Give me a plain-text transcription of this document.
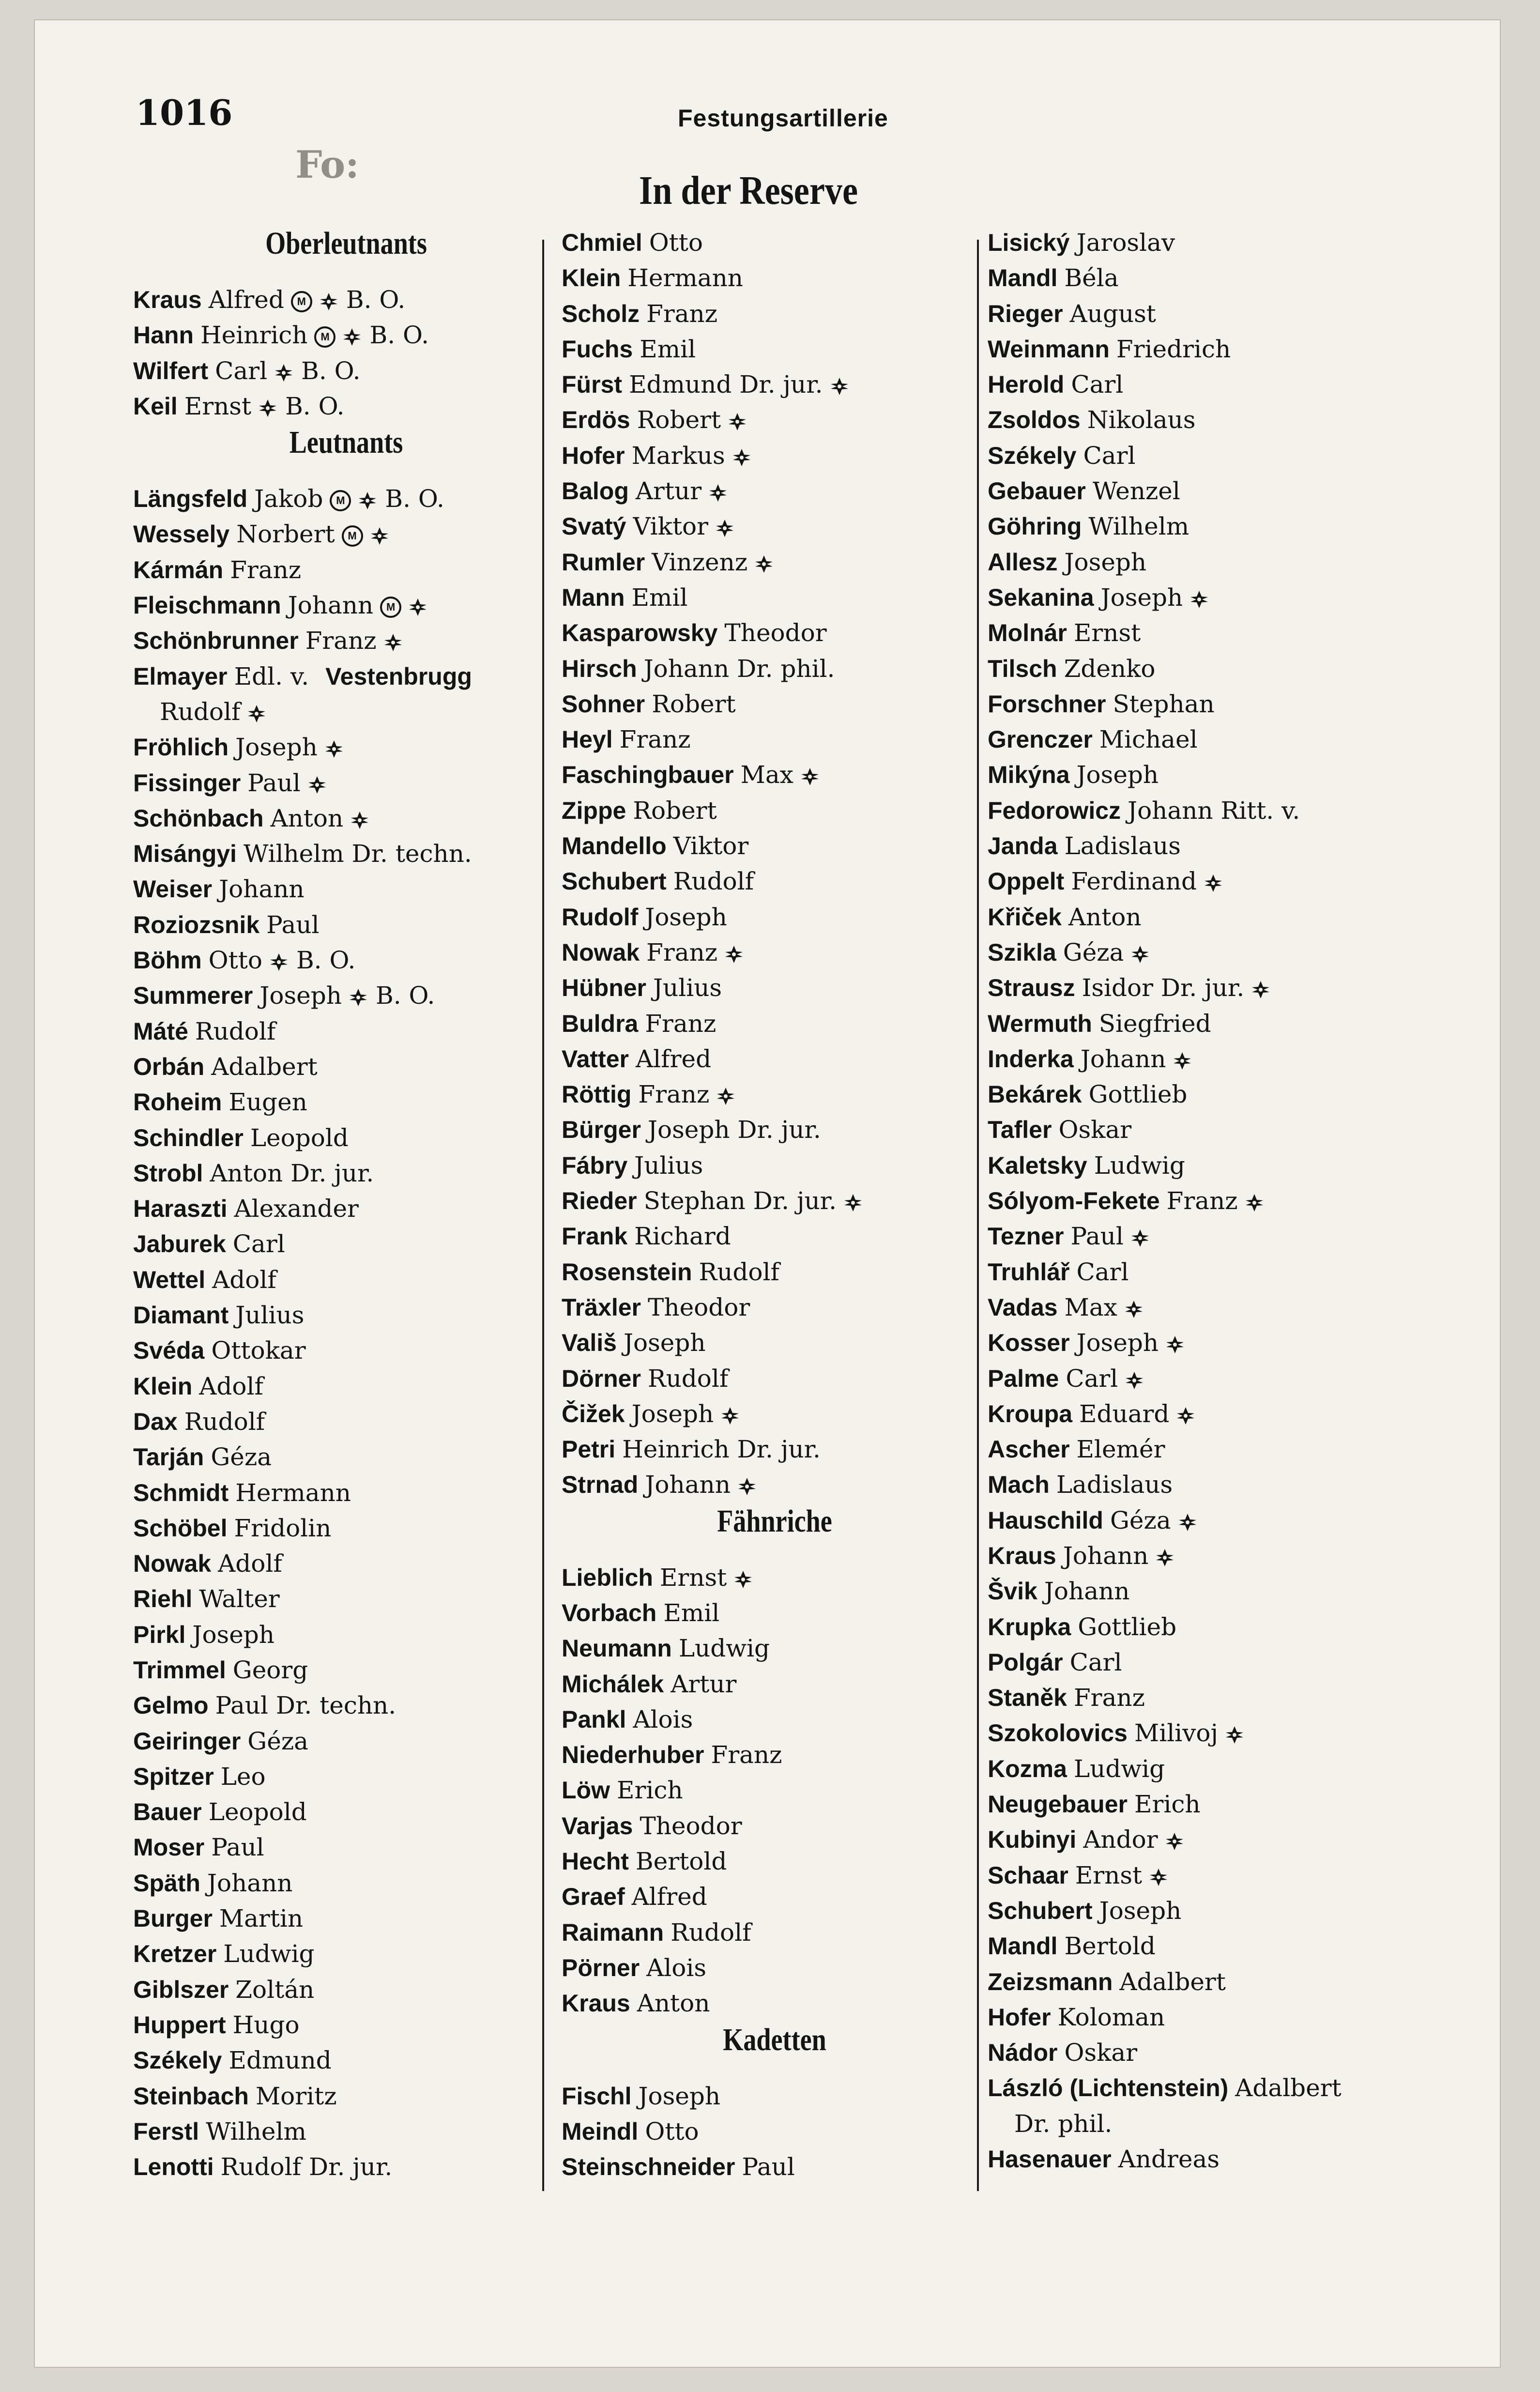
1016	Festungsartillerie
Fo:
In der Reserve
Oberleutnants
Kraus Alfred M B. O.
Hann Heinrich M B. O.
Wilfert Carl B. O.
Keil Ernst B. O.
Leutnants
Längsfeld Jakob M B. O.
Wessely Norbert M
Kármán Franz
Fleischmann Johann M
Schönbrunner Franz
Elmayer Edl. v. Vestenbrugg
Rudolf
Fröhlich Joseph
Fissinger Paul
Schönbach Anton
Misángyi Wilhelm Dr. techn.
Weiser Johann
Roziozsnik Paul
Böhm Otto B. O.
Summerer Joseph B. O.
Máté Rudolf
Orbán Adalbert
Roheim Eugen
Schindler Leopold
Strobl Anton Dr. jur.
Haraszti Alexander
Jaburek Carl
Wettel Adolf
Diamant Julius
Svéda Ottokar
Klein Adolf
Dax Rudolf
Tarján Géza
Schmidt Hermann
Schöbel Fridolin
Nowak Adolf
Riehl Walter
Pirkl Joseph
Trimmel Georg
Gelmo Paul Dr. techn.
Geiringer Géza
Spitzer Leo
Bauer Leopold
Moser Paul
Späth Johann
Burger Martin
Kretzer Ludwig
Giblszer Zoltán
Huppert Hugo
Székely Edmund
Steinbach Moritz
Ferstl Wilhelm
Lenotti Rudolf Dr. jur.
Chmiel Otto
Klein Hermann
Scholz Franz
Fuchs Emil
Fürst Edmund Dr. jur.
Erdös Robert
Hofer Markus
Balog Artur
Svatý Viktor
Rumler Vinzenz
Mann Emil
Kasparowsky Theodor
Hirsch Johann Dr. phil.
Sohner Robert
Heyl Franz
Faschingbauer Max
Zippe Robert
Mandello Viktor
Schubert Rudolf
Rudolf Joseph
Nowak Franz
Hübner Julius
Buldra Franz
Vatter Alfred
Röttig Franz
Bürger Joseph Dr. jur.
Fábry Julius
Rieder Stephan Dr. jur.
Frank Richard
Rosenstein Rudolf
Träxler Theodor
Vališ Joseph
Dörner Rudolf
Čižek Joseph
Petri Heinrich Dr. jur.
Strnad Johann
Fähnriche
Lieblich Ernst
Vorbach Emil
Neumann Ludwig
Michálek Artur
Pankl Alois
Niederhuber Franz
Löw Erich
Varjas Theodor
Hecht Bertold
Graef Alfred
Raimann Rudolf
Pörner Alois
Kraus Anton
Kadetten
Fischl Joseph
Meindl Otto
Steinschneider Paul
Lisický Jaroslav
Mandl Béla
Rieger August
Weinmann Friedrich
Herold Carl
Zsoldos Nikolaus
Székely Carl
Gebauer Wenzel
Göhring Wilhelm
Allesz Joseph
Sekanina Joseph
Molnár Ernst
Tilsch Zdenko
Forschner Stephan
Grenczer Michael
Mikýna Joseph
Fedorowicz Johann Ritt. v.
Janda Ladislaus
Oppelt Ferdinand
Křiček Anton
Szikla Géza
Strausz Isidor Dr. jur.
Wermuth Siegfried
Inderka Johann
Bekárek Gottlieb
Tafler Oskar
Kaletsky Ludwig
Sólyom-Fekete Franz
Tezner Paul
Truhlář Carl
Vadas Max
Kosser Joseph
Palme Carl
Kroupa Eduard
Ascher Elemér
Mach Ladislaus
Hauschild Géza
Kraus Johann
Švik Johann
Krupka Gottlieb
Polgár Carl
Staněk Franz
Szokolovics Milivoj
Kozma Ludwig
Neugebauer Erich
Kubinyi Andor
Schaar Ernst
Schubert Joseph
Mandl Bertold
Zeizsmann Adalbert
Hofer Koloman
Nádor Oskar
László (Lichtenstein) Adalbert
Dr. phil.
Hasenauer Andreas
